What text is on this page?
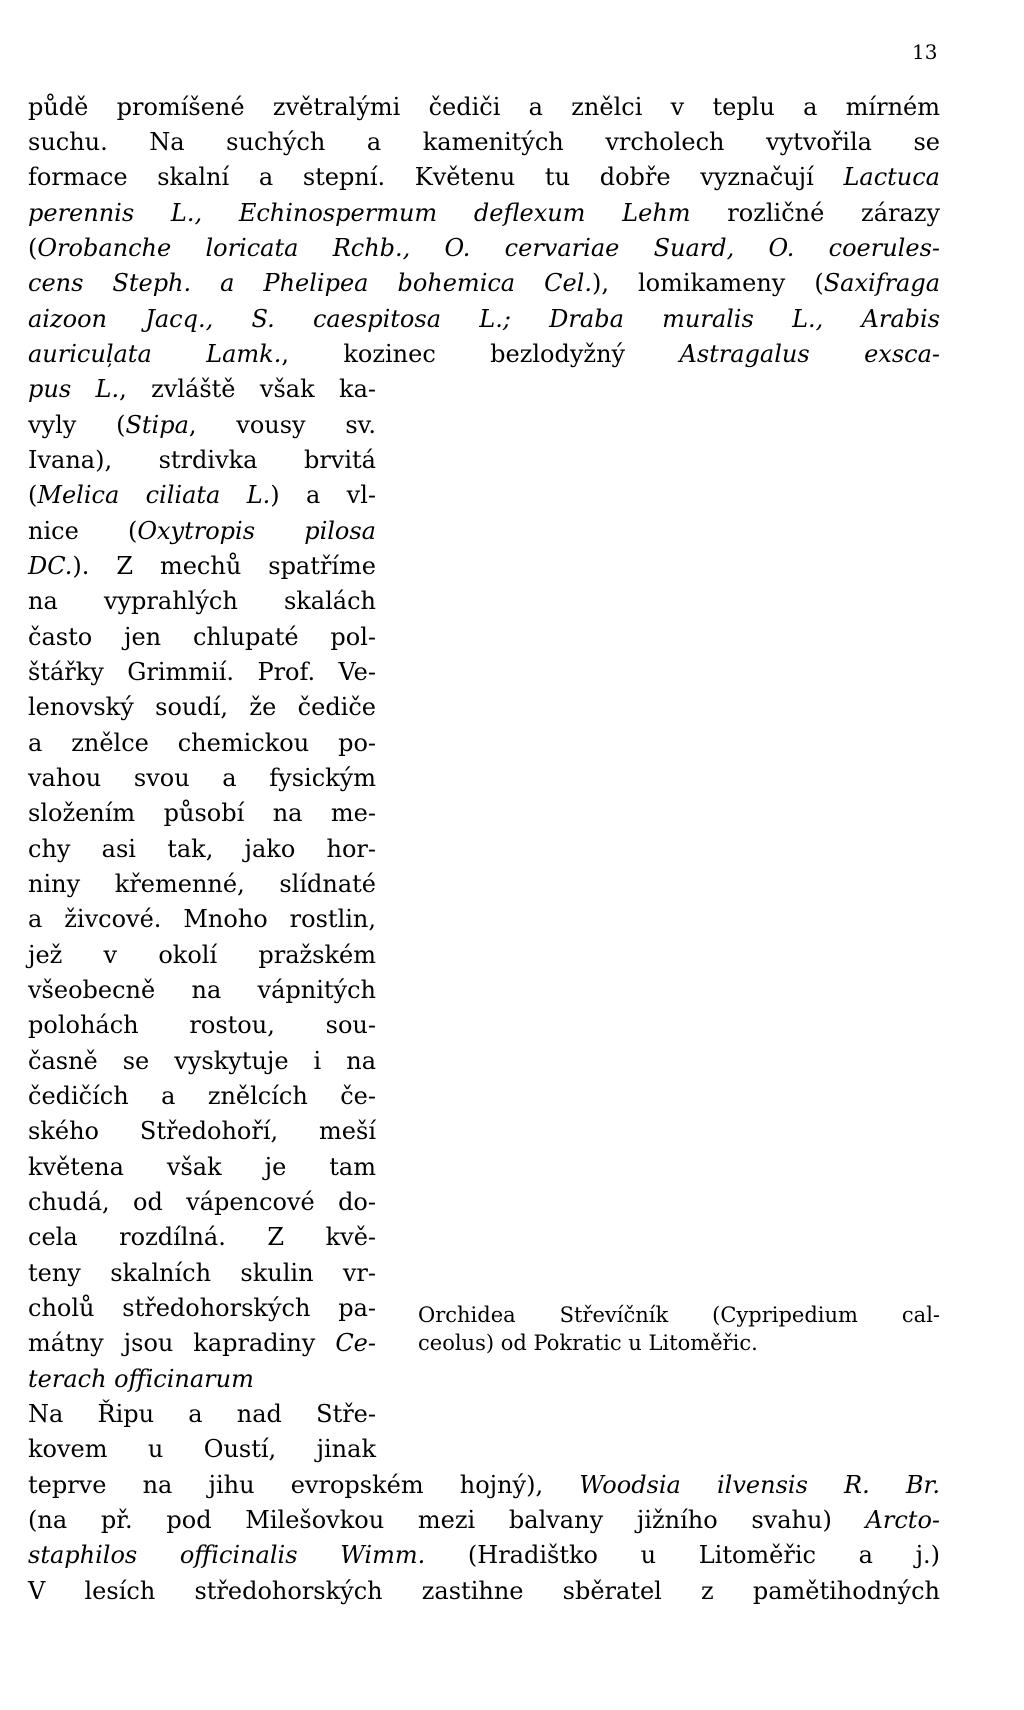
13
půdě promíšené zvětralými čediči a znělci v teplu a mírném
suchu. Na suchých a kamenitých vrcholech vytvořila se
formace skalní a stepní. Květenu tu dobře vyznačují Lactuca
perennis L., Echinospermum deflexum Lehm rozličné zárazy
(Orobanche loricata Rchb., O. cervariae Suard, O. coerules-
cens Steph. a Phelipea bohemica Cel.), lomikameny (Saxifraga
aizoon Jacq., S. caespitosa L.; Draba muralis L., Arabis
auricuļata Lamk., kozinec bezlodyžný Astragalus exsca-
pus L., zvláště však ka-
vyly (Stipa, vousy sv.
Ivana), strdivka brvitá
(Melica ciliata L.) a vl-
nice (Oxytropis pilosa
DC.). Z mechů spatříme
na vyprahlých skalách
často jen chlupaté pol-
štářky Grimmií. Prof. Ve-
lenovský soudí, že čediče
a znělce chemickou po-
vahou svou a fysickým
složením působí na me-
chy asi tak, jako hor-
niny křemenné, slídnaté
a živcové. Mnoho rostlin,
jež v okolí pražském
všeobecně na vápnitých
polohách rostou, sou-
časně se vyskytuje i na
čedičích a znělcích če-
ského Středohoří, meší
květena však je tam
chudá, od vápencové do-
cela rozdílná. Z kvě-
teny skalních skulin vr-
cholů středohorských pa-
mátny jsou kapradiny Ce-
terach officinarum
Na Řipu a nad Stře-
kovem u Oustí, jinak
teprve na jihu evropském hojný), Woodsia ilvensis R. Br.
(na př. pod Milešovkou mezi balvany jižního svahu) Arcto-
staphilos officinalis Wimm. (Hradištko u Litoměřic a j.)
V lesích středohorských zastihne sběratel z pamětihodných
Orchidea Střevíčník (Cypripedium cal-
ceolus) od Pokratic u Litoměřic.
